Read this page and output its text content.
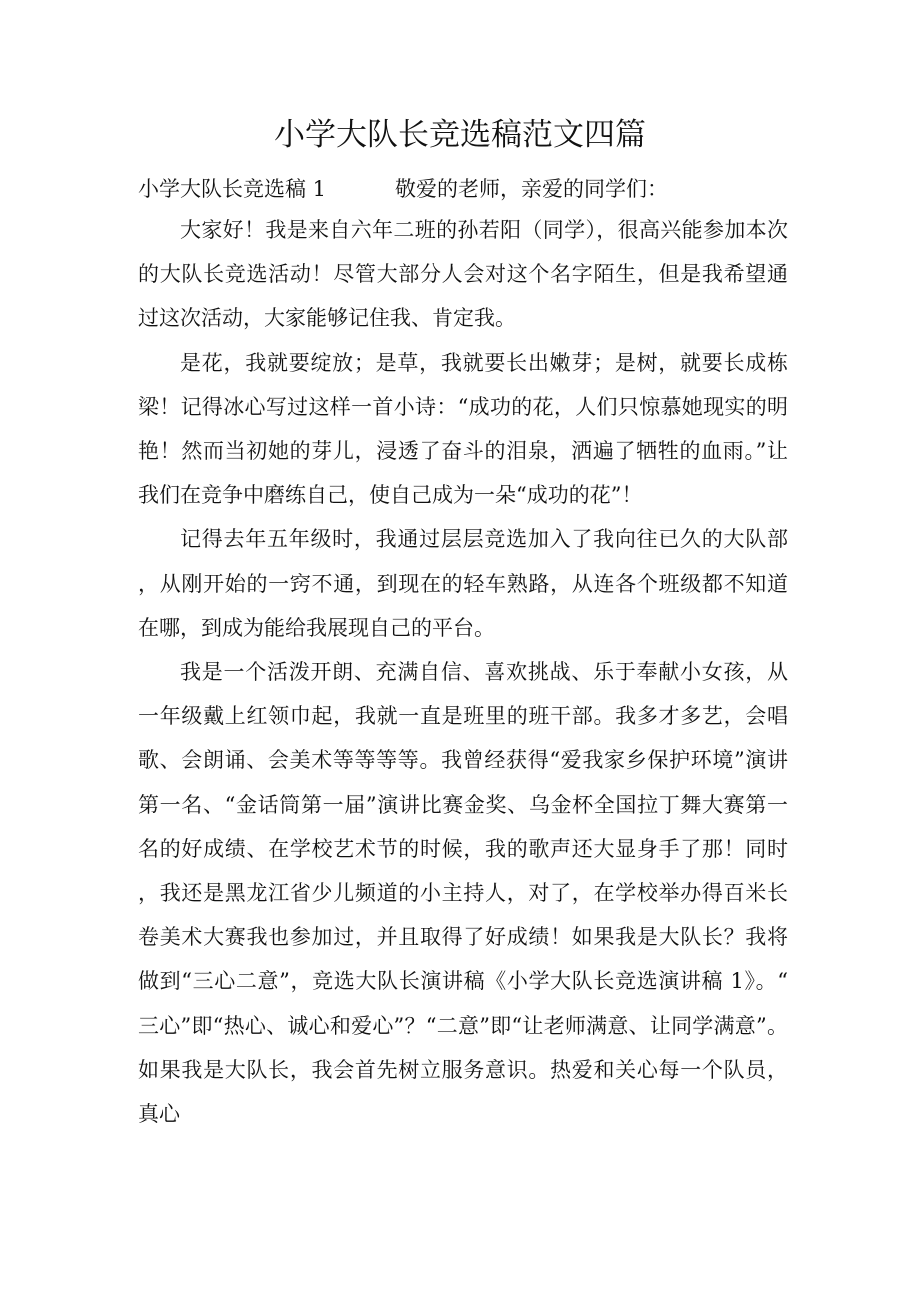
小学大队长竞选稿范文四篇
小学大队长竞选稿 1	敬爱的老师，亲爱的同学们：

大家好！我是来自六年二班的孙若阳（同学），很高兴能参加本次的大队长竞选活动！尽管大部分人会对这个名字陌生，但是我希望通过这次活动，大家能够记住我、肯定我。

是花，我就要绽放；是草，我就要长出嫩芽；是树，就要长成栋梁！记得冰心写过这样一首小诗：“成功的花，人们只惊慕她现实的明艳！然而当初她的芽儿，浸透了奋斗的泪泉，洒遍了牺牲的血雨。”让我们在竞争中磨练自己，使自己成为一朵“成功的花”！

记得去年五年级时，我通过层层竞选加入了我向往已久的大队部，从刚开始的一窍不通，到现在的轻车熟路，从连各个班级都不知道在哪，到成为能给我展现自己的平台。

我是一个活泼开朗、充满自信、喜欢挑战、乐于奉献小女孩，从一年级戴上红领巾起，我就一直是班里的班干部。我多才多艺，会唱歌、会朗诵、会美术等等等等。我曾经获得“爱我家乡保护环境”演讲第一名、“金话筒第一届”演讲比赛金奖、乌金杯全国拉丁舞大赛第一名的好成绩、在学校艺术节的时候，我的歌声还大显身手了那！同时，我还是黑龙江省少儿频道的小主持人，对了，在学校举办得百米长卷美术大赛我也参加过，并且取得了好成绩！如果我是大队长？我将做到“三心二意”，竞选大队长演讲稿《小学大队长竞选演讲稿 1》。“三心”即“热心、诚心和爱心”？“二意”即“让老师满意、让同学满意”。如果我是大队长，我会首先树立服务意识。热爱和关心每一个队员，真心
